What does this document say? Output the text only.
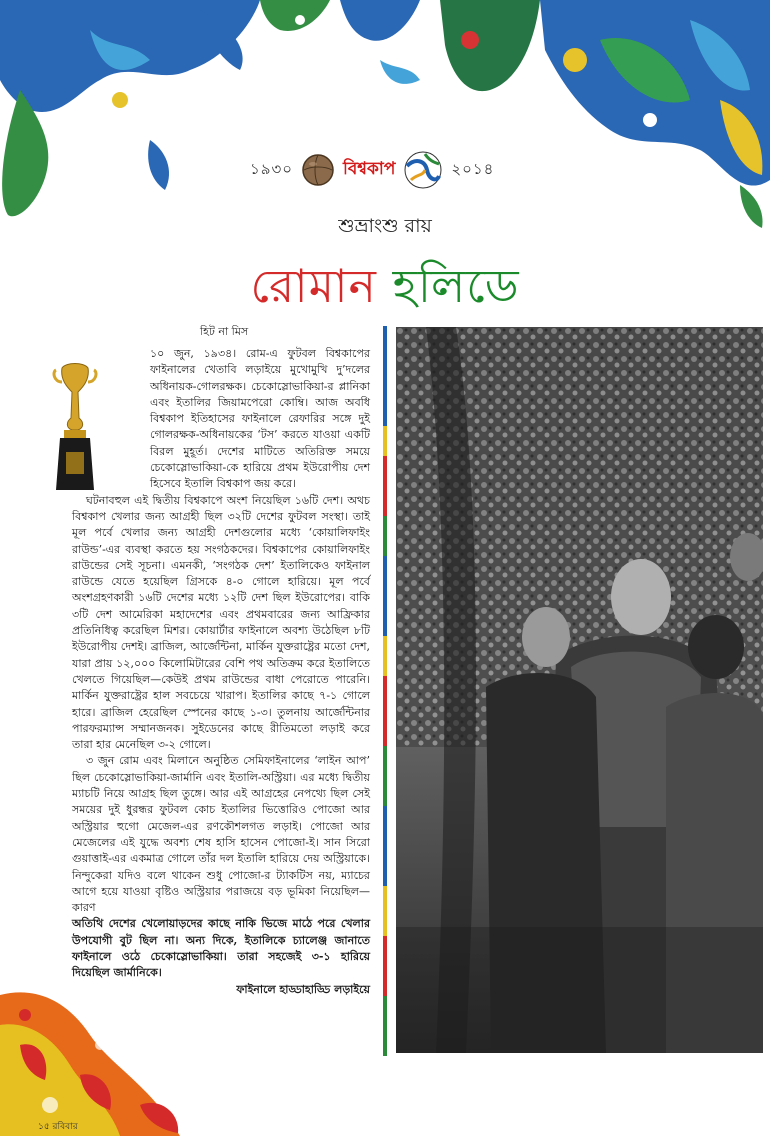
১৯৩০	বিশ্বকাপ	২০১৪
শুভ্রাংশু রায়
রোমান হলিডে
হিট না মিস

১০ জুন, ১৯৩৪। রোম-এ ফুটবল বিশ্বকাপের ফাইনালের খেতাবি লড়াইয়ে মুখোমুখি দু’দলের অধিনায়ক-গোলরক্ষক। চেকোস্লোভাকিয়া-র প্লানিকা এবং ইতালির জিয়ামপেরো কোম্বি। আজ অবধি বিশ্বকাপ ইতিহাসের ফাইনালে রেফারির সঙ্গে দুই গোলরক্ষক-অধিনায়কের ‘টস’ করতে যাওয়া একটি বিরল মুহূর্ত। দেশের মাটিতে অতিরিক্ত সময়ে চেকোস্লোভাকিয়া-কে হারিয়ে প্রথম ইউরোপীয় দেশ হিসেবে ইতালি বিশ্বকাপ জয় করে।

ঘটনাবহুল এই দ্বিতীয় বিশ্বকাপে অংশ নিয়েছিল ১৬টি দেশ। অথচ বিশ্বকাপ খেলার জন্য আগ্রহী ছিল ৩২টি দেশের ফুটবল সংস্থা। তাই মূল পর্বে খেলার জন্য আগ্রহী দেশগুলোর মধ্যে ‘কোয়ালিফাইং রাউন্ড’-এর ব্যবস্থা করতে হয় সংগঠকদের। বিশ্বকাপের কোয়ালিফাইং রাউন্ডের সেই সূচনা। এমনকী, ‘সংগঠক দেশ’ ইতালিকেও ফাইনাল রাউন্ডে যেতে হয়েছিল গ্রিসকে ৪-০ গোলে হারিয়ে। মূল পর্বে অংশগ্রহণকারী ১৬টি দেশের মধ্যে ১২টি দেশ ছিল ইউরোপের। বাকি ৩টি দেশ আমেরিকা মহাদেশের এবং প্রথমবারের জন্য আফ্রিকার প্রতিনিধিত্ব করেছিল মিশর। কোয়ার্টার ফাইনালে অবশ্য উঠেছিল ৮টি ইউরোপীয় দেশই। ব্রাজিল, আর্জেন্টিনা, মার্কিন যুক্তরাষ্ট্রের মতো দেশ, যারা প্রায় ১২,০০০ কিলোমিটারের বেশি পথ অতিক্রম করে ইতালিতে খেলতে গিয়েছিল—কেউই প্রথম রাউন্ডের বাধা পেরোতে পারেনি। মার্কিন যুক্তরাষ্ট্রের হাল সবচেয়ে খারাপ। ইতালির কাছে ৭-১ গোলে হারে। ব্রাজিল হেরেছিল স্পেনের কাছে ১-৩। তুলনায় আর্জেন্টিনার পারফরম্যান্স সম্মানজনক। সুইডেনের কাছে রীতিমতো লড়াই করে তারা হার মেনেছিল ৩-২ গোলে।

৩ জুন রোম এবং মিলানে অনুষ্ঠিত সেমিফাইনালের ‘লাইন আপ’ ছিল চেকোস্লোভাকিয়া-জার্মানি এবং ইতালি-অস্ট্রিয়া। এর মধ্যে দ্বিতীয় ম্যাচটি নিয়ে আগ্রহ ছিল তুঙ্গে। আর এই আগ্রহের নেপথ্যে ছিল সেই সময়ের দুই ধুরন্ধর ফুটবল কোচ ইতালির ভিত্তোরিও পোজো আর অস্ট্রিয়ার হুগো মেজেল-এর রণকৌশলগত লড়াই। পোজো আর মেজেলের এই যুদ্ধে অবশ্য শেষ হাসি হাসেন পোজো-ই। সান সিরো গুয়াত্তাই-এর একমাত্র গোলে তাঁর দল ইতালি হারিয়ে দেয় অস্ট্রিয়াকে। নিন্দুকেরা যদিও বলে থাকেন শুধু পোজো-র ট্যাকটিস নয়, ম্যাচের আগে হয়ে যাওয়া বৃষ্টিও অস্ট্রিয়ার পরাজয়ে বড় ভূমিকা নিয়েছিল—কারণ

অতিথি দেশের খেলোয়াড়দের কাছে নাকি ভিজে মাঠে পরে খেলার উপযোগী বুট ছিল না। অন্য দিকে, ইতালিকে চ্যালেঞ্জ জানাতে ফাইনালে ওঠে চেকোস্লোভাকিয়া। তারা সহজেই ৩-১ হারিয়ে দিয়েছিল জার্মানিকে।

ফাইনালে হাড্ডাহাড্ডি লড়াইয়ে

১৫ রবিবার
